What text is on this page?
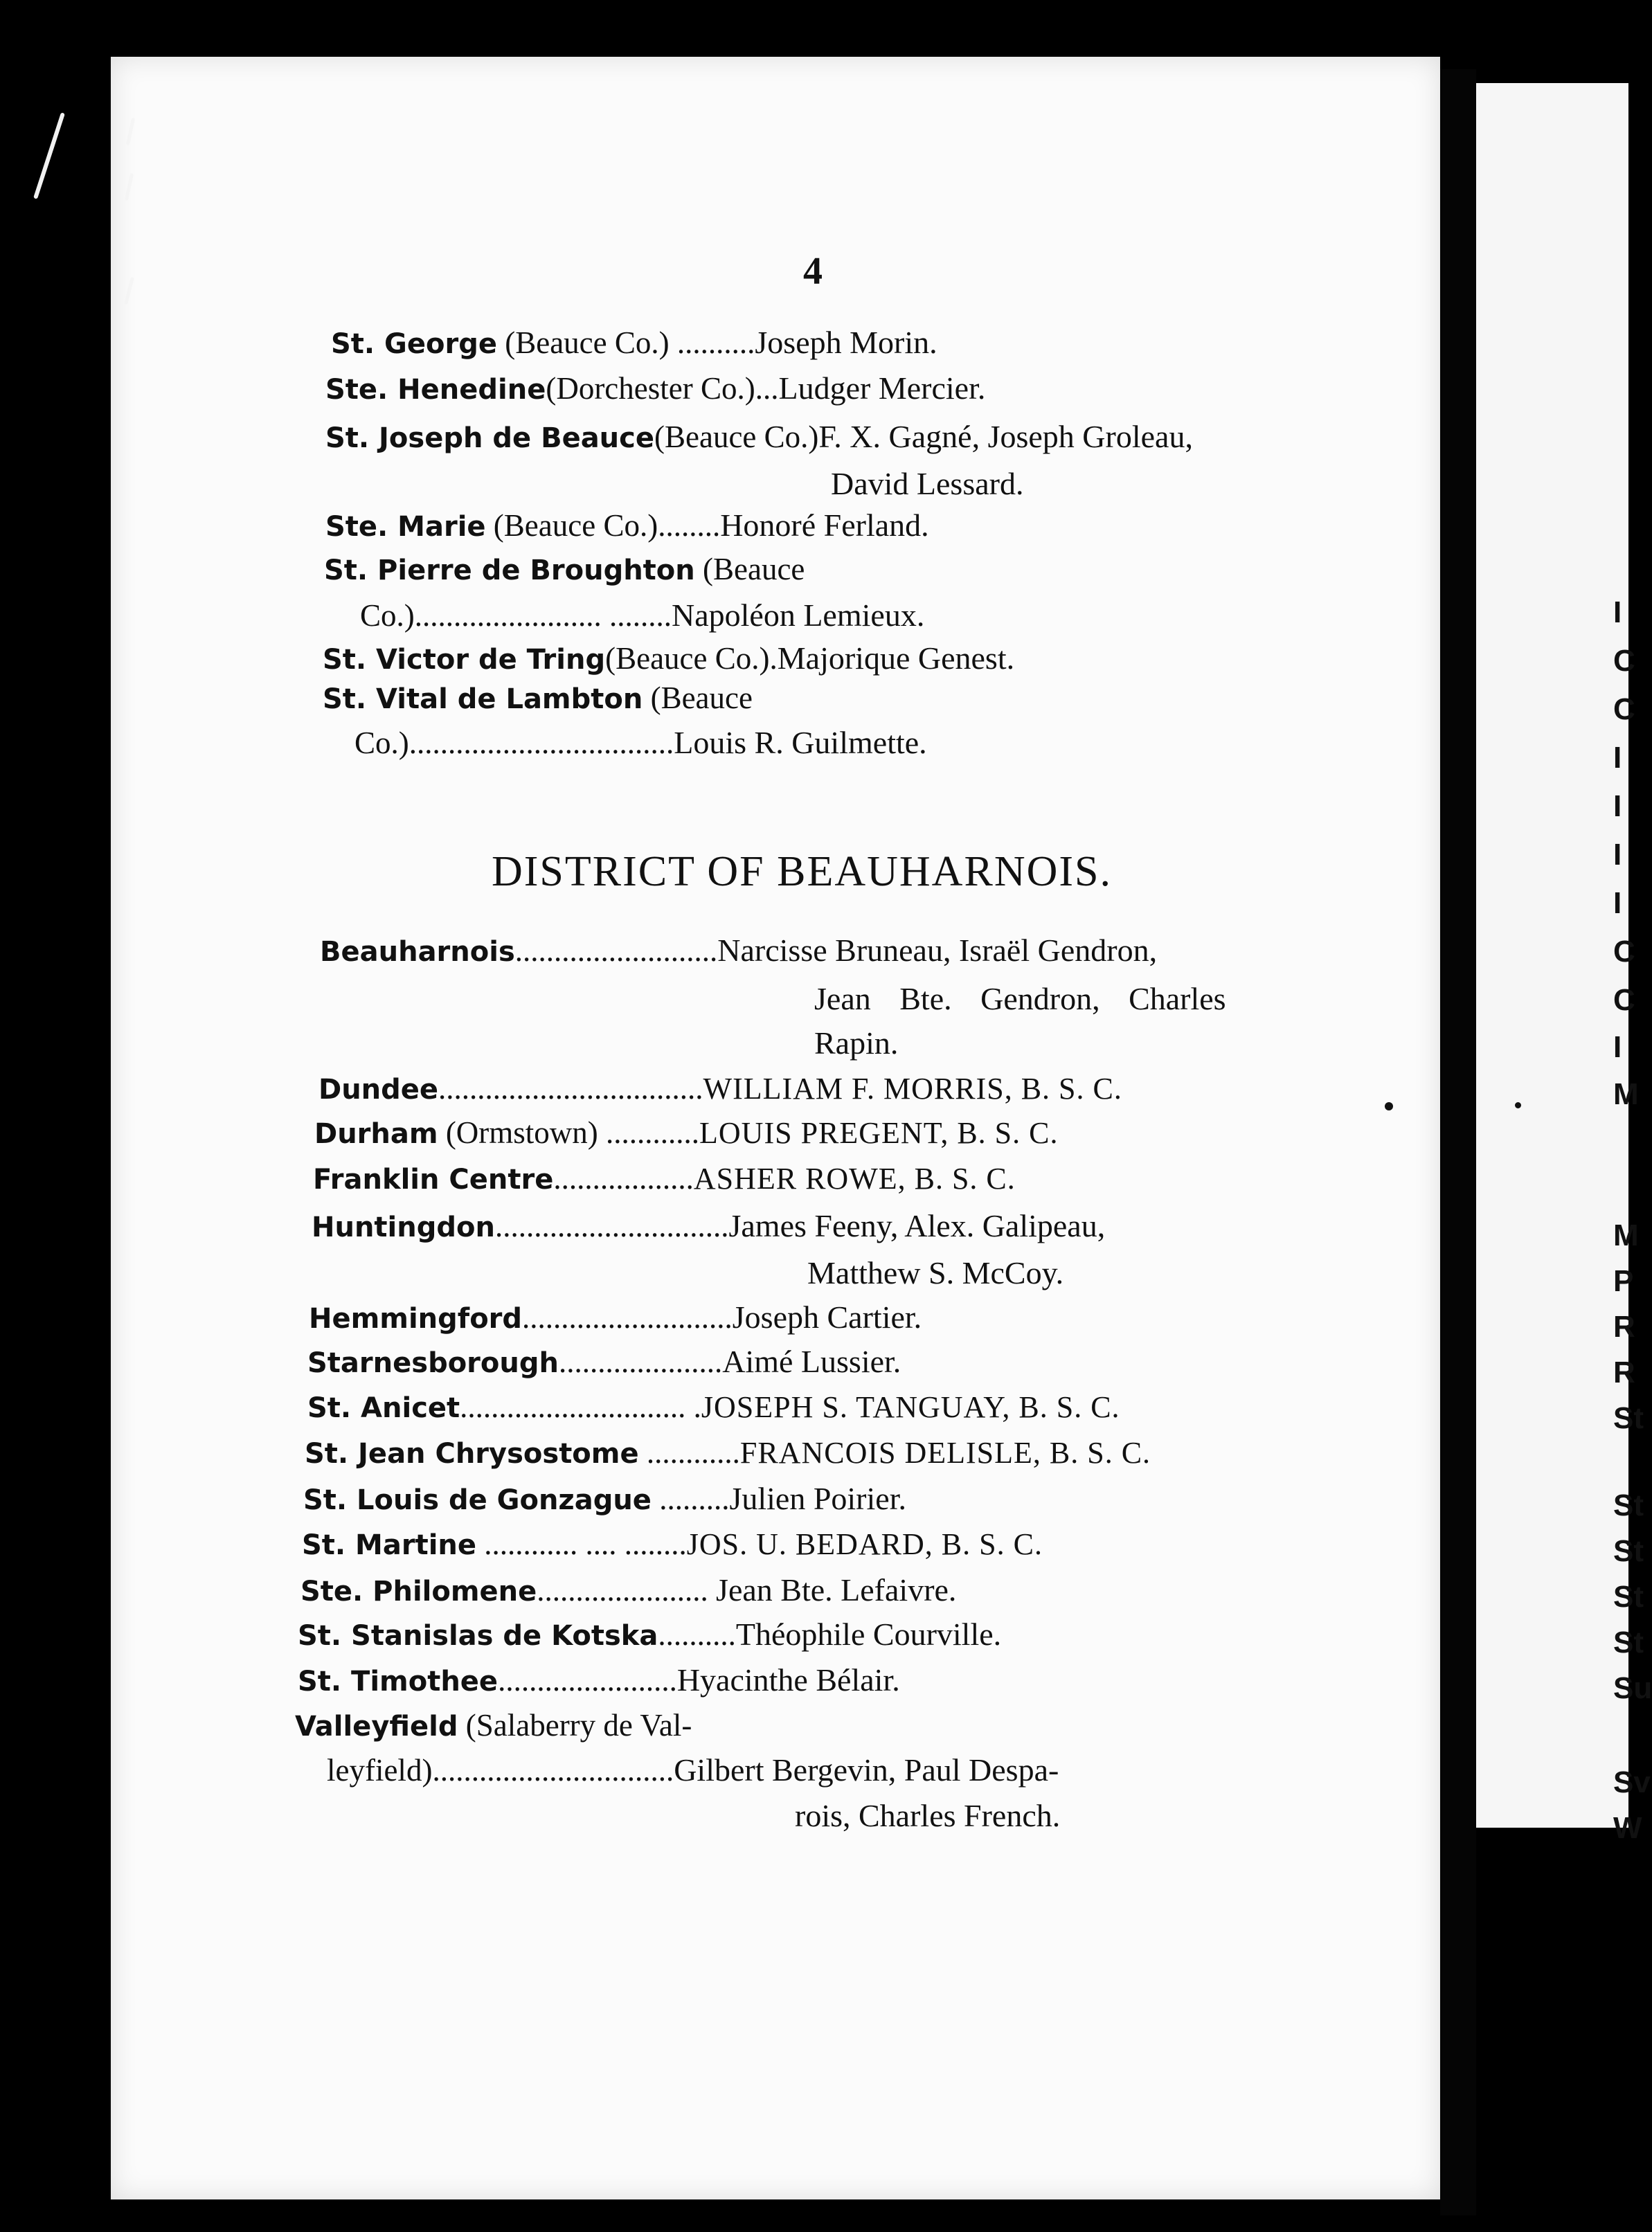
4
St. George (Beauce Co.) ..........Joseph Morin.
Ste. Henedine(Dorchester Co.)...Ludger Mercier.
St. Joseph de Beauce(Beauce Co.)F. X. Gagné, Joseph Groleau,
David Lessard.
Ste. Marie (Beauce Co.)........Honoré Ferland.
St. Pierre de Broughton (Beauce
Co.)........................ ........Napoléon Lemieux.
St. Victor de Tring(Beauce Co.).Majorique Genest.
St. Vital de Lambton (Beauce
Co.)..................................Louis R. Guilmette.
DISTRICT OF BEAUHARNOIS.
Beauharnois..........................Narcisse Bruneau, Israël Gendron,
Jean Bte. Gendron, Charles
Rapin.
Dundee..................................WILLIAM F. MORRIS, B. S. C.
Durham (Ormstown) ............LOUIS PREGENT, B. S. C.
Franklin Centre..................ASHER ROWE, B. S. C.
Huntingdon..............................James Feeny, Alex. Galipeau,
Matthew S. McCoy.
Hemmingford...........................Joseph Cartier.
Starnesborough.....................Aimé Lussier.
St. Anicet............................. .JOSEPH S. TANGUAY, B. S. C.
St. Jean Chrysostome ............FRANCOIS DELISLE, B. S. C.
St. Louis de Gonzague .........Julien Poirier.
St. Martine ............ .... ........JOS. U. BEDARD, B. S. C.
Ste. Philomene...................... Jean Bte. Lefaivre.
St. Stanislas de Kotska..........Théophile Courville.
St. Timothee.......................Hyacinthe Bélair.
Valleyfield (Salaberry de Val-
leyfield)...............................Gilbert Bergevin, Paul Despa-
rois, Charles French.
I
C
C
I
I
I
I
C
C
I
M
M
P
R
R
St
St
St
St
St
Su
Sv
W
